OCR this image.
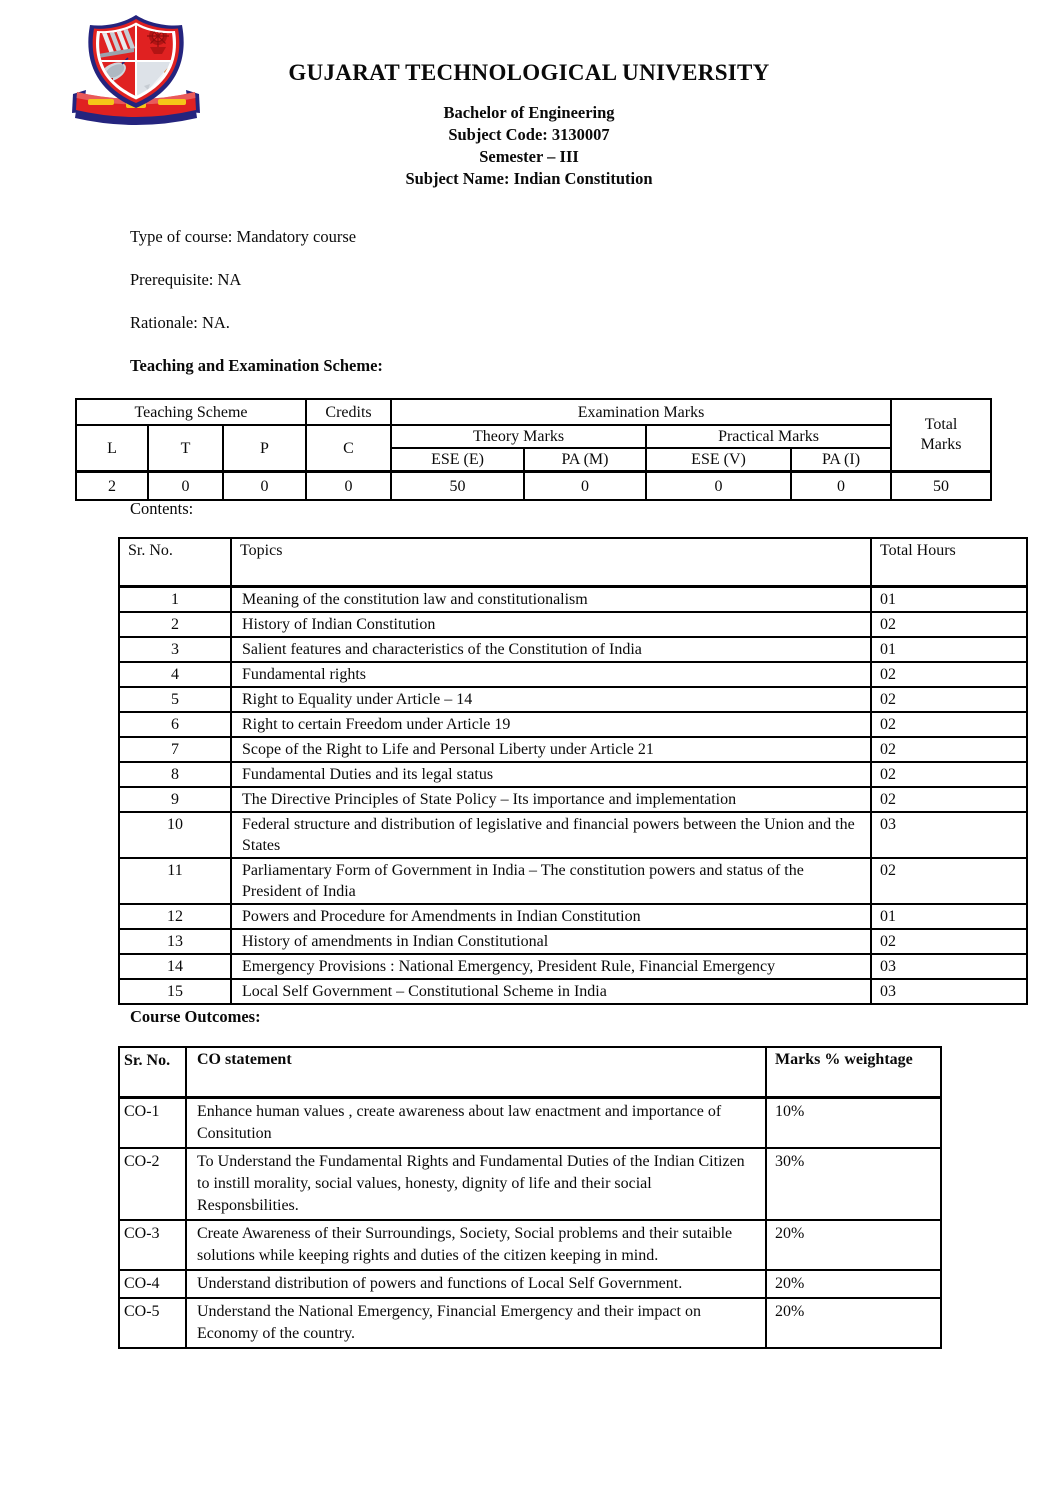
GUJARAT TECHNOLOGICAL UNIVERSITY
Bachelor of Engineering
Subject Code: 3130007
Semester – III
Subject Name: Indian Constitution

Type of course: Mandatory course

Prerequisite: NA

Rationale: NA.

Teaching and Examination Scheme:
Teaching Scheme			Credits	Examination Marks				Total Marks
L	T	P	C	Theory Marks		Practical Marks		
				ESE (E)	PA (M)	ESE (V)	PA (I)	
2	0	0	0	50	0	0	0	50

Contents:

Sr. No.	Topics	Total Hours
1	Meaning of the constitution law and constitutionalism	01
2	History of Indian Constitution	02
3	Salient features and characteristics of the Constitution of India	01
4	Fundamental rights	02
5	Right to Equality under Article – 14	02
6	Right to certain Freedom under Article 19	02
7	Scope of the Right to Life and Personal Liberty under Article 21	02
8	Fundamental Duties and its legal status	02
9	The Directive Principles of State Policy – Its importance and implementation	02
10	Federal structure and distribution of legislative and financial powers between the Union and the States	03
11	Parliamentary Form of Government in India – The constitution powers and status of the President of India	02
12	Powers and Procedure for Amendments in Indian Constitution	01
13	History of amendments in Indian Constitutional	02
14	Emergency Provisions : National Emergency, President Rule, Financial Emergency	03
15	Local Self Government – Constitutional Scheme in India	03
Course Outcomes:
Sr. No.	CO statement	Marks % weightage
CO-1	Enhance human values , create awareness about law enactment and importance of Consitution	10%
CO-2	To Understand the Fundamental Rights and Fundamental Duties of the Indian Citizen to instill morality, social values, honesty, dignity of life and their social Responsbilities.	30%
CO-3	Create Awareness of their Surroundings, Society, Social problems and their sutaible solutions while keeping rights and duties of the citizen keeping in mind.	20%
CO-4	Understand distribution of powers and functions of Local Self Government.	20%
CO-5	Understand the National Emergency, Financial Emergency and their impact on Economy of the country.	20%
